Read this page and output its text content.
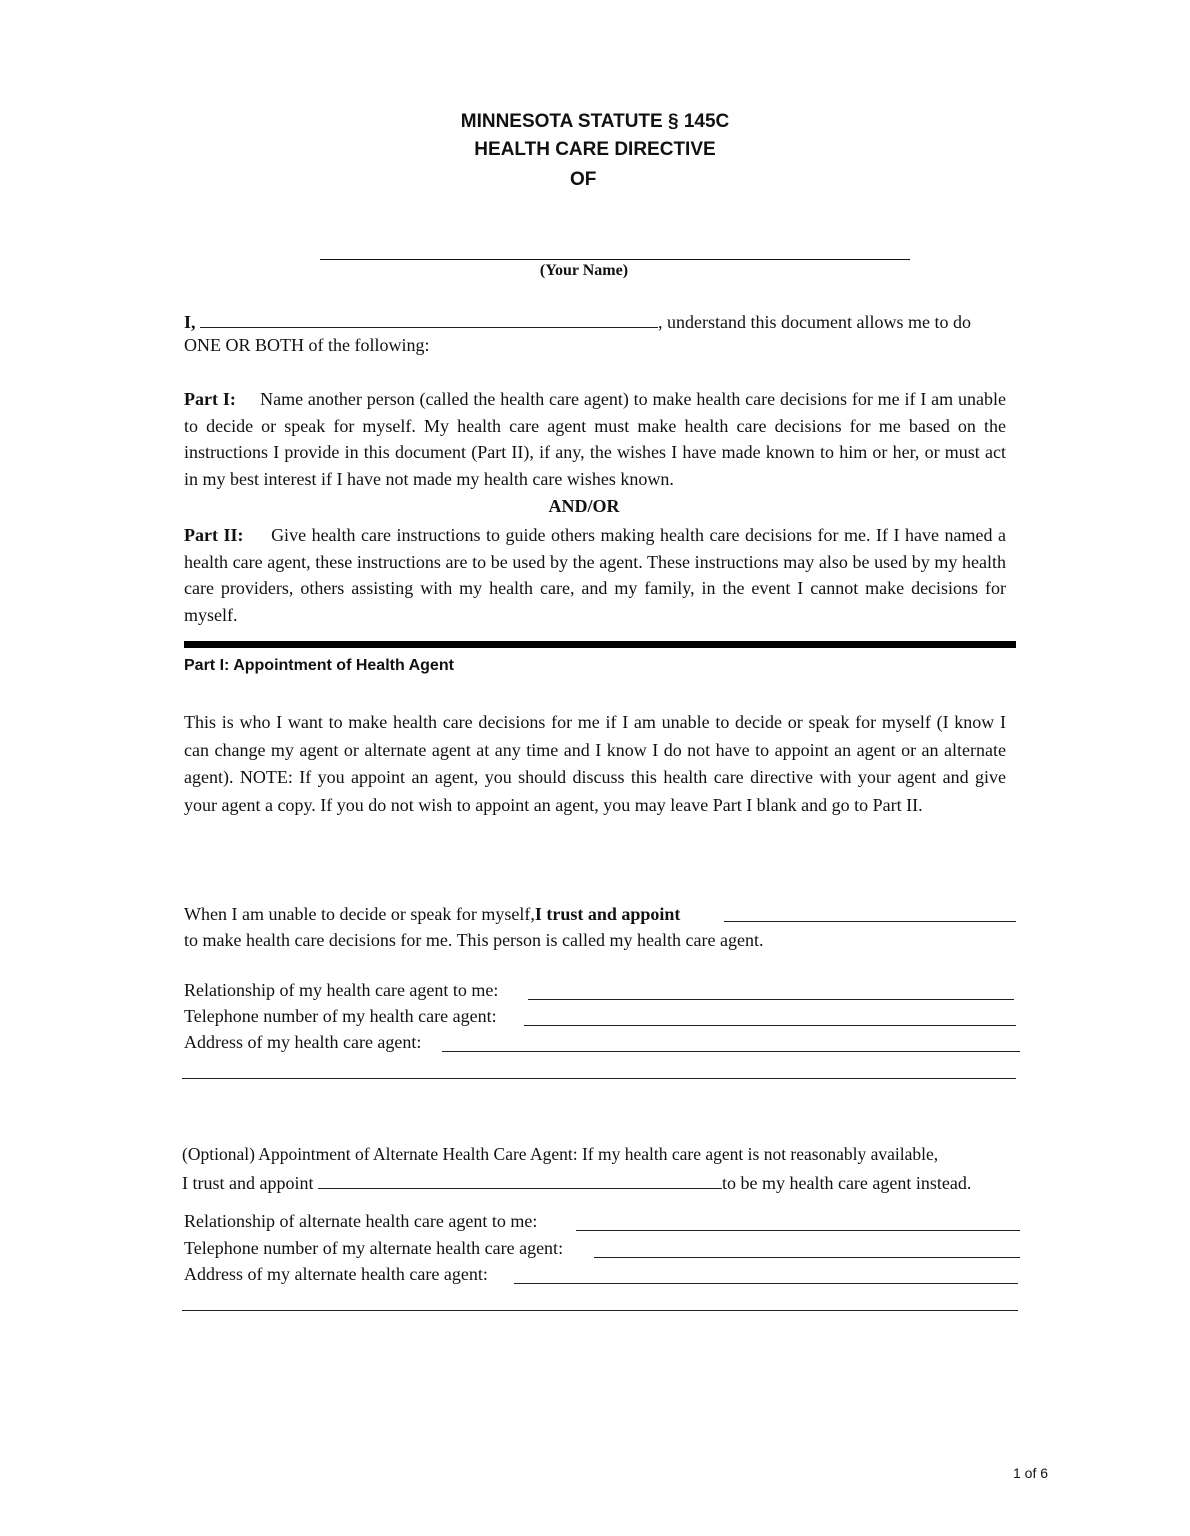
MINNESOTA STATUTE § 145C
HEALTH CARE DIRECTIVE
OF
(Your Name)
I,	, understand this document allows me to do
ONE OR BOTH of the following:
Part I: Name another person (called the health care agent) to make health care decisions for me if I am unable to decide or speak for myself. My health care agent must make health care decisions for me based on the instructions I provide in this document (Part II), if any, the wishes I have made known to him or her, or must act in my best interest if I have not made my health care wishes known.
AND/OR
Part II: Give health care instructions to guide others making health care decisions for me. If I have named a health care agent, these instructions are to be used by the agent. These instructions may also be used by my health care providers, others assisting with my health care, and my family, in the event I cannot make decisions for myself.
Part I: Appointment of Health Agent
This is who I want to make health care decisions for me if I am unable to decide or speak for myself (I know I can change my agent or alternate agent at any time and I know I do not have to appoint an agent or an alternate agent). NOTE: If you appoint an agent, you should discuss this health care directive with your agent and give your agent a copy. If you do not wish to appoint an agent, you may leave Part I blank and go to Part II.
When I am unable to decide or speak for myself,I trust and appoint
to make health care decisions for me. This person is called my health care agent.
Relationship of my health care agent to me:
Telephone number of my health care agent:
Address of my health care agent:
(Optional) Appointment of Alternate Health Care Agent: If my health care agent is not reasonably available,
I trust and appoint	to be my health care agent instead.
Relationship of alternate health care agent to me:
Telephone number of my alternate health care agent:
Address of my alternate health care agent:
1 of 6
